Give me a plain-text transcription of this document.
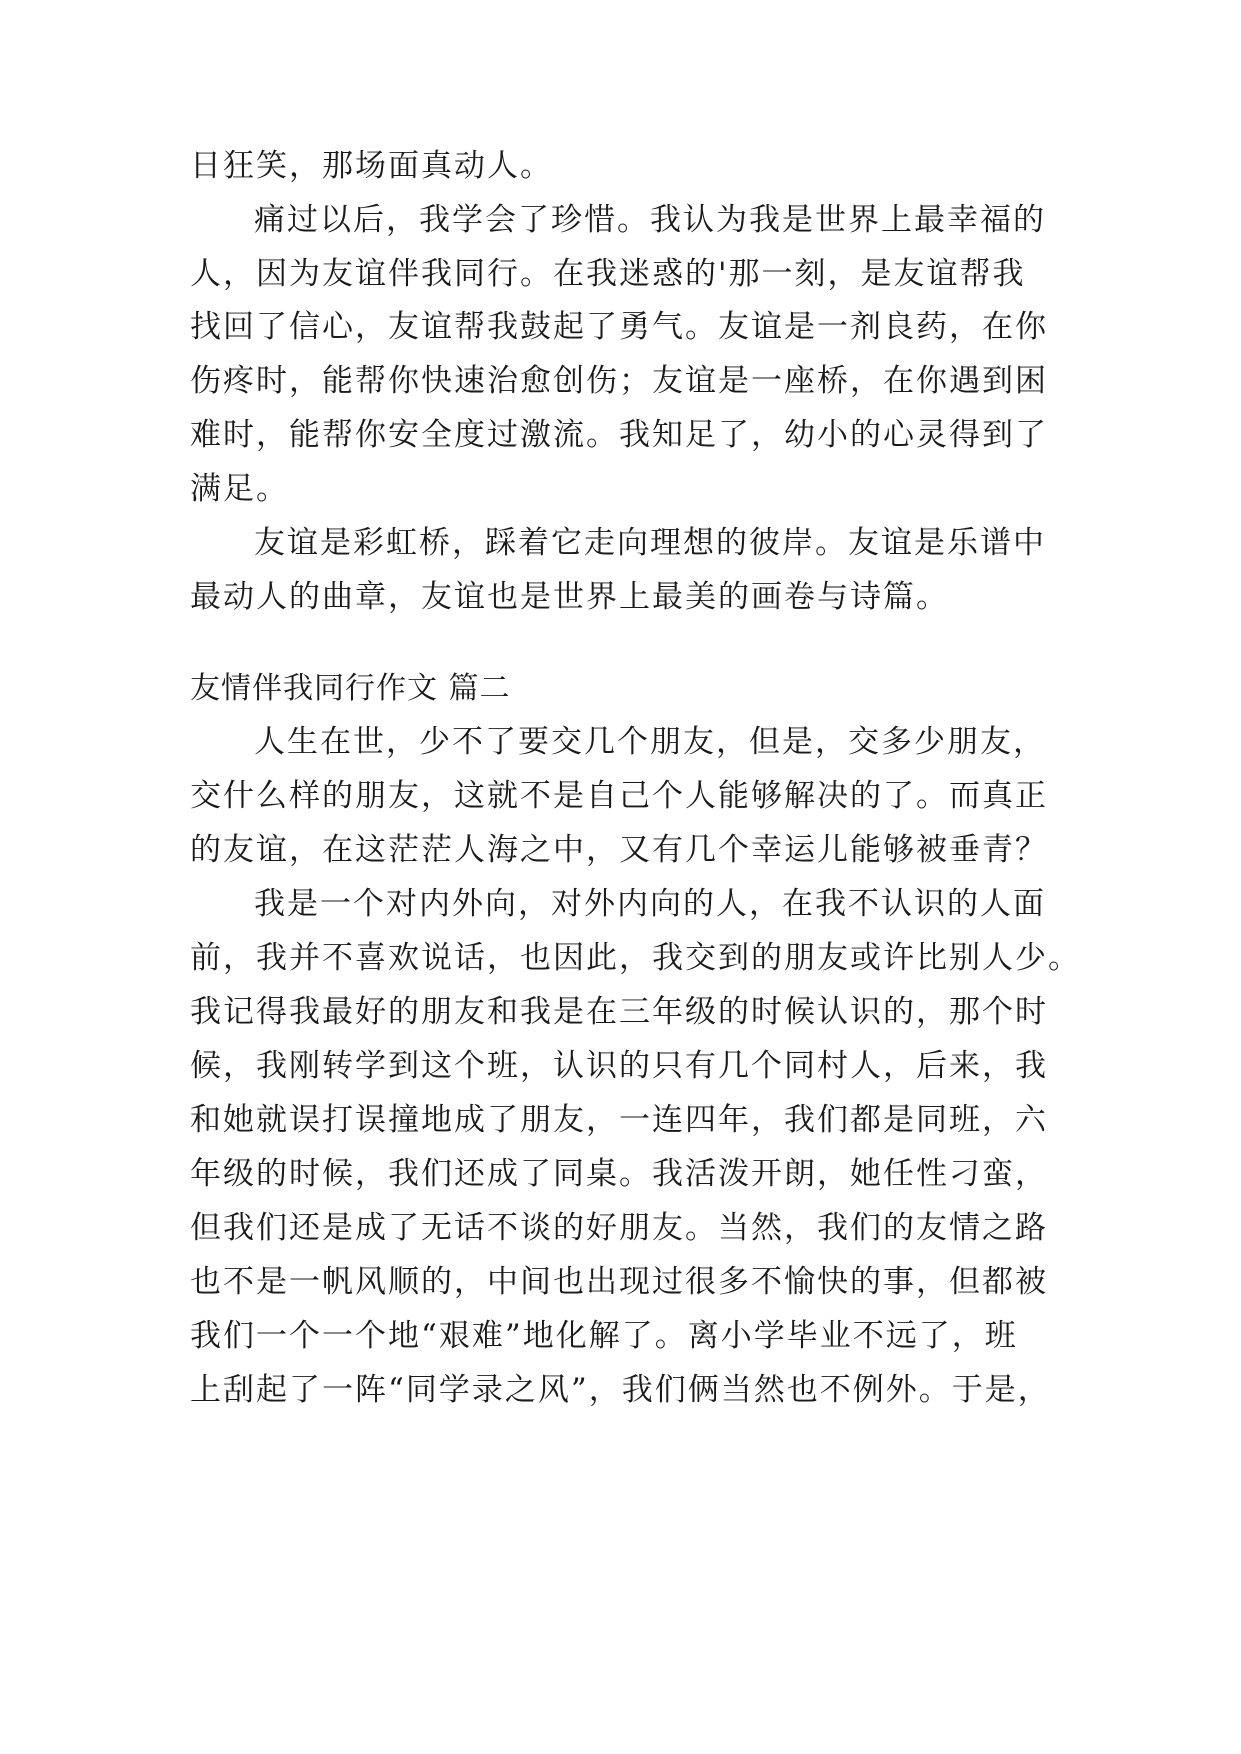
日狂笑，那场面真动人。
痛过以后，我学会了珍惜。我认为我是世界上最幸福的
人，因为友谊伴我同行。在我迷惑的'那一刻，是友谊帮我
找回了信心，友谊帮我鼓起了勇气。友谊是一剂良药，在你
伤疼时，能帮你快速治愈创伤；友谊是一座桥，在你遇到困
难时，能帮你安全度过激流。我知足了，幼小的心灵得到了
满足。
友谊是彩虹桥，踩着它走向理想的彼岸。友谊是乐谱中
最动人的曲章，友谊也是世界上最美的画卷与诗篇。
友情伴我同行作文 篇二
人生在世，少不了要交几个朋友，但是，交多少朋友，
交什么样的朋友，这就不是自己个人能够解决的了。而真正
的友谊，在这茫茫人海之中，又有几个幸运儿能够被垂青？
我是一个对内外向，对外内向的人，在我不认识的人面
前，我并不喜欢说话，也因此，我交到的朋友或许比别人少。
我记得我最好的朋友和我是在三年级的时候认识的，那个时
候，我刚转学到这个班，认识的只有几个同村人，后来，我
和她就误打误撞地成了朋友，一连四年，我们都是同班，六
年级的时候，我们还成了同桌。我活泼开朗，她任性刁蛮，
但我们还是成了无话不谈的好朋友。当然，我们的友情之路
也不是一帆风顺的，中间也出现过很多不愉快的事，但都被
我们一个一个地“艰难”地化解了。离小学毕业不远了，班
上刮起了一阵“同学录之风”，我们俩当然也不例外。于是，
